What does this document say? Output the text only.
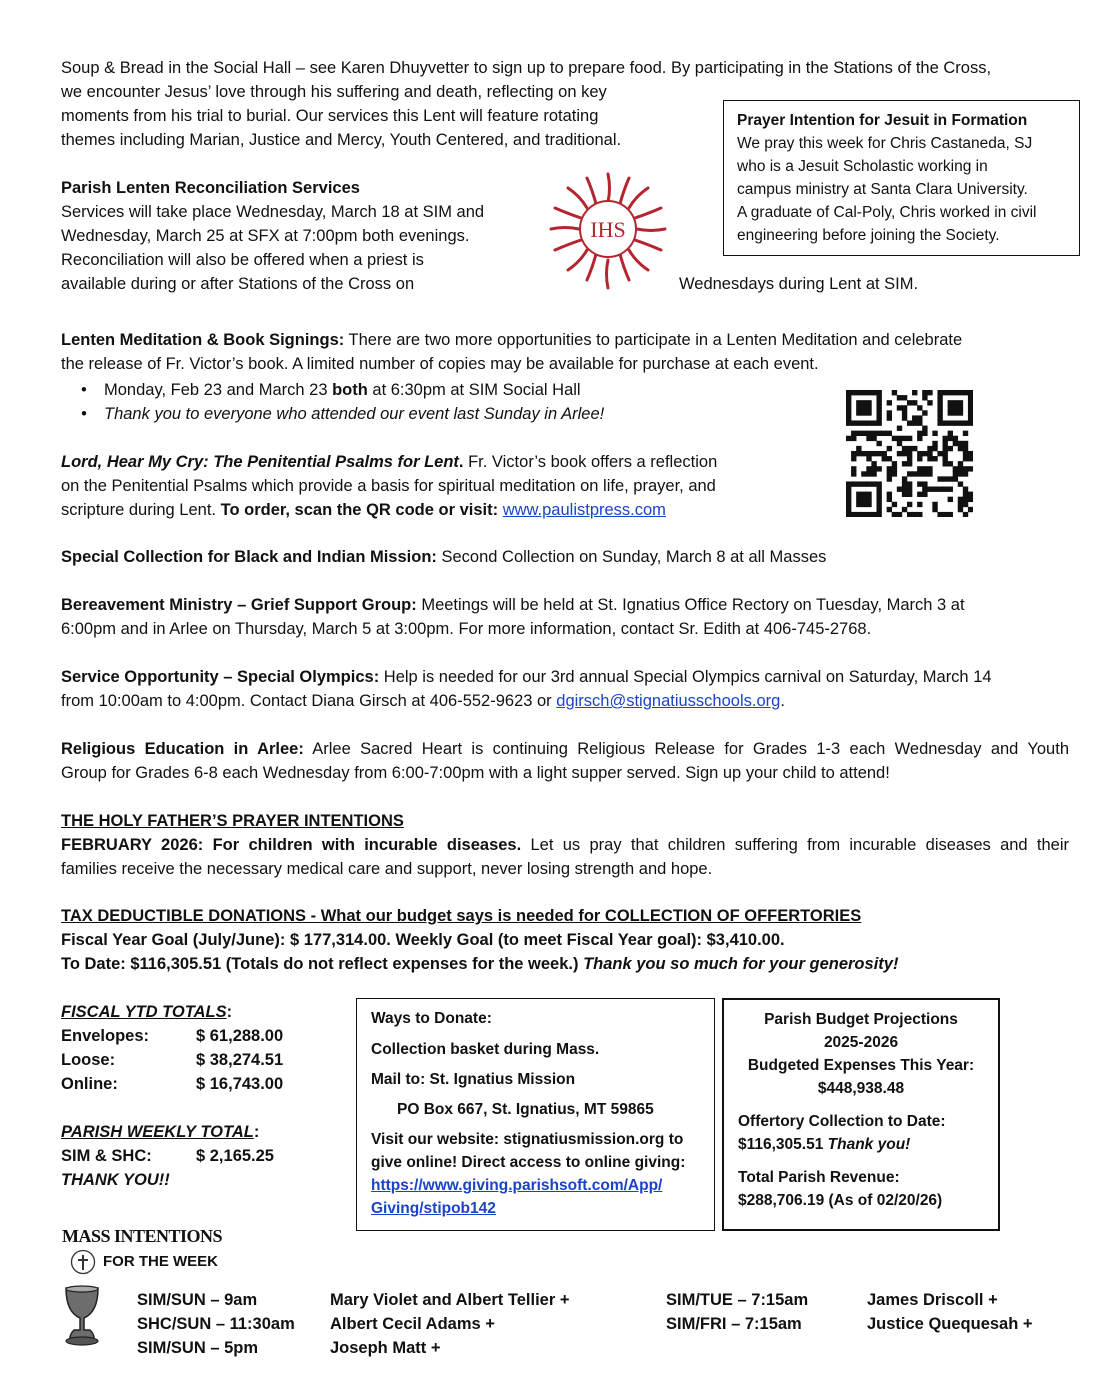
Soup & Bread in the Social Hall – see Karen Dhuyvetter to sign up to prepare food. By participating in the Stations of the Cross,

we encounter Jesus’ love through his suffering and death, reflecting on key

moments from his trial to burial. Our services this Lent will feature rotating

themes including Marian, Justice and Mercy, Youth Centered, and traditional.

Prayer Intention for Jesuit in Formation

We pray this week for Chris Castaneda, SJ

who is a Jesuit Scholastic working in

campus ministry at Santa Clara University.

A graduate of Cal-Poly, Chris worked in civil

engineering before joining the Society.

Parish Lenten Reconciliation Services

Services will take place Wednesday, March 18 at SIM and

Wednesday, March 25 at SFX at 7:00pm both evenings.

Reconciliation will also be offered when a priest is

available during or after Stations of the Cross on	Wednesdays during Lent at SIM.

IHS

Lenten Meditation & Book Signings: There are two more opportunities to participate in a Lenten Meditation and celebrate

the release of Fr. Victor’s book. A limited number of copies may be available for purchase at each event.

• Monday, Feb 23 and March 23 both at 6:30pm at SIM Social Hall
• Thank you to everyone who attended our event last Sunday in Arlee!

Lord, Hear My Cry: The Penitential Psalms for Lent. Fr. Victor’s book offers a reflection

on the Penitential Psalms which provide a basis for spiritual meditation on life, prayer, and

scripture during Lent. To order, scan the QR code or visit: www.paulistpress.com

Special Collection for Black and Indian Mission: Second Collection on Sunday, March 8 at all Masses

Bereavement Ministry – Grief Support Group: Meetings will be held at St. Ignatius Office Rectory on Tuesday, March 3 at

6:00pm and in Arlee on Thursday, March 5 at 3:00pm. For more information, contact Sr. Edith at 406-745-2768.

Service Opportunity – Special Olympics: Help is needed for our 3rd annual Special Olympics carnival on Saturday, March 14

from 10:00am to 4:00pm. Contact Diana Girsch at 406-552-9623 or dgirsch@stignatiusschools.org.

Religious Education in Arlee: Arlee Sacred Heart is continuing Religious Release for Grades 1-3 each Wednesday and Youth

Group for Grades 6-8 each Wednesday from 6:00-7:00pm with a light supper served. Sign up your child to attend!

THE HOLY FATHER’S PRAYER INTENTIONS

FEBRUARY 2026: For children with incurable diseases. Let us pray that children suffering from incurable diseases and their

families receive the necessary medical care and support, never losing strength and hope.

TAX DEDUCTIBLE DONATIONS - What our budget says is needed for COLLECTION OF OFFERTORIES

Fiscal Year Goal (July/June): $ 177,314.00. Weekly Goal (to meet Fiscal Year goal): $3,410.00.

To Date: $116,305.51 (Totals do not reflect expenses for the week.) Thank you so much for your generosity!

FISCAL YTD TOTALS:

Envelopes:	$ 61,288.00
Loose:	$ 38,274.51
Online:	$ 16,743.00

PARISH WEEKLY TOTAL:

SIM & SHC:	$ 2,165.25

THANK YOU!!

Ways to Donate:

Collection basket during Mass.

Mail to: St. Ignatius Mission

PO Box 667, St. Ignatius, MT 59865

Visit our website: stignatiusmission.org to

give online! Direct access to online giving:

https://www.giving.parishsoft.com/App/
Giving/stipob142

Parish Budget Projections

2025-2026

Budgeted Expenses This Year:

$448,938.48

Offertory Collection to Date:

$116,305.51 Thank you!

Total Parish Revenue:

$288,706.19 (As of 02/20/26)

MASS INTENTIONS

FOR THE WEEK
SIM/SUN – 9am	Mary Violet and Albert Tellier +
SHC/SUN – 11:30am Albert Cecil Adams +
SIM/SUN – 5pm	Joseph Matt +
SIM/TUE – 7:15am	James Driscoll +
SIM/FRI – 7:15am	Justice Quequesah +
